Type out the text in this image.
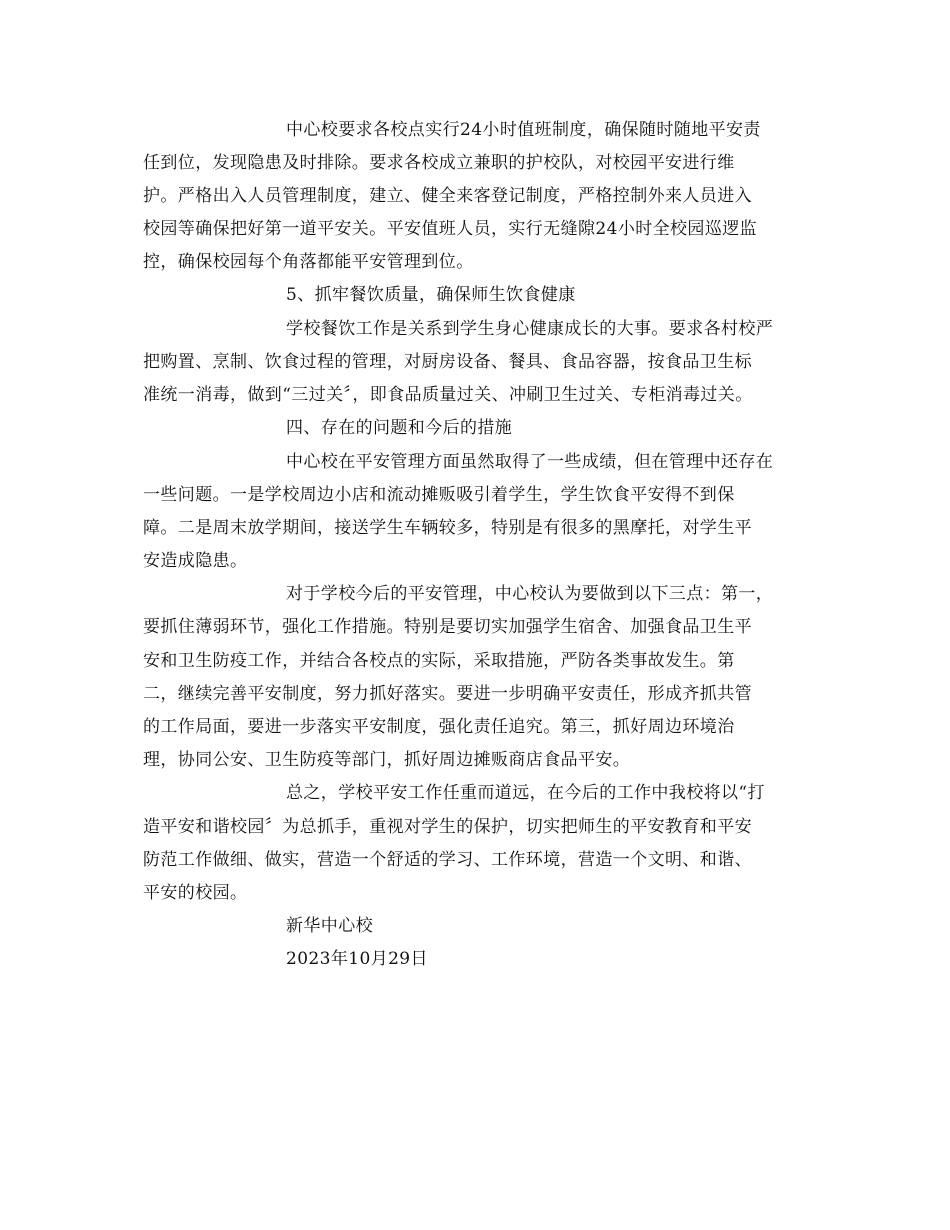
中心校要求各校点实行24小时值班制度，确保随时随地平安责
任到位，发现隐患及时排除。要求各校成立兼职的护校队，对校园平安进行维
护。严格出入人员管理制度，建立、健全来客登记制度，严格控制外来人员进入
校园等确保把好第一道平安关。平安值班人员，实行无缝隙24小时全校园巡逻监
控，确保校园每个角落都能平安管理到位。
5、抓牢餐饮质量，确保师生饮食健康
学校餐饮工作是关系到学生身心健康成长的大事。要求各村校严
把购置、烹制、饮食过程的管理，对厨房设备、餐具、食品容器，按食品卫生标
准统一消毒，做到“三过关〞，即食品质量过关、冲刷卫生过关、专柜消毒过关。
四、存在的问题和今后的措施
中心校在平安管理方面虽然取得了一些成绩，但在管理中还存在
一些问题。一是学校周边小店和流动摊贩吸引着学生，学生饮食平安得不到保
障。二是周末放学期间，接送学生车辆较多，特别是有很多的黑摩托，对学生平
安造成隐患。
对于学校今后的平安管理，中心校认为要做到以下三点：第一，
要抓住薄弱环节，强化工作措施。特别是要切实加强学生宿舍、加强食品卫生平
安和卫生防疫工作，并结合各校点的实际，采取措施，严防各类事故发生。第
二，继续完善平安制度，努力抓好落实。要进一步明确平安责任，形成齐抓共管
的工作局面，要进一步落实平安制度，强化责任追究。第三，抓好周边环境治
理，协同公安、卫生防疫等部门，抓好周边摊贩商店食品平安。
总之，学校平安工作任重而道远，在今后的工作中我校将以“打
造平安和谐校园〞为总抓手，重视对学生的保护，切实把师生的平安教育和平安
防范工作做细、做实，营造一个舒适的学习、工作环境，营造一个文明、和谐、
平安的校园。
新华中心校
2023年10月29日
